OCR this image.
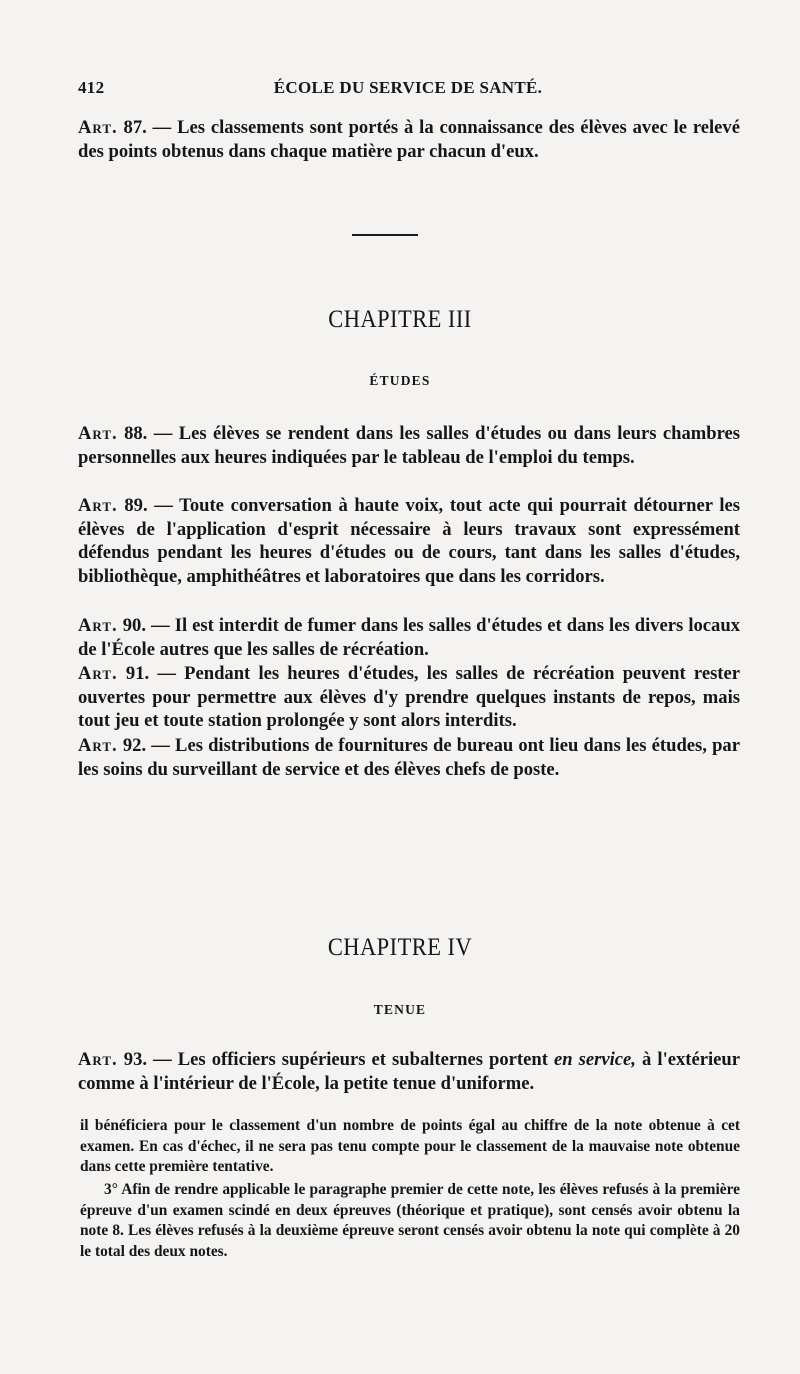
412	ÉCOLE DU SERVICE DE SANTÉ.

Art. 87. — Les classements sont portés à la connaissance des élèves avec le relevé des points obtenus dans chaque matière par chacun d'eux.

CHAPITRE III
ÉTUDES

Art. 88. — Les élèves se rendent dans les salles d'études ou dans leurs chambres personnelles aux heures indiquées par le tableau de l'emploi du temps.

Art. 89. — Toute conversation à haute voix, tout acte qui pourrait détourner les élèves de l'application d'esprit nécessaire à leurs travaux sont expressément défendus pendant les heures d'études ou de cours, tant dans les salles d'études, bibliothèque, amphithéâtres et laboratoires que dans les corridors.

Art. 90. — Il est interdit de fumer dans les salles d'études et dans les divers locaux de l'École autres que les salles de récréation.

Art. 91. — Pendant les heures d'études, les salles de récréation peuvent rester ouvertes pour permettre aux élèves d'y prendre quelques instants de repos, mais tout jeu et toute station prolongée y sont alors interdits.

Art. 92. — Les distributions de fournitures de bureau ont lieu dans les études, par les soins du surveillant de service et des élèves chefs de poste.

CHAPITRE IV
TENUE

Art. 93. — Les officiers supérieurs et subalternes portent en service, à l'extérieur comme à l'intérieur de l'École, la petite tenue d'uniforme.

il bénéficiera pour le classement d'un nombre de points égal au chiffre de la note obtenue à cet examen. En cas d'échec, il ne sera pas tenu compte pour le classement de la mauvaise note obtenue dans cette première tentative.

3° Afin de rendre applicable le paragraphe premier de cette note, les élèves refusés à la première épreuve d'un examen scindé en deux épreuves (théorique et pratique), sont censés avoir obtenu la note 8. Les élèves refusés à la deuxième épreuve seront censés avoir obtenu la note qui complète à 20 le total des deux notes.
